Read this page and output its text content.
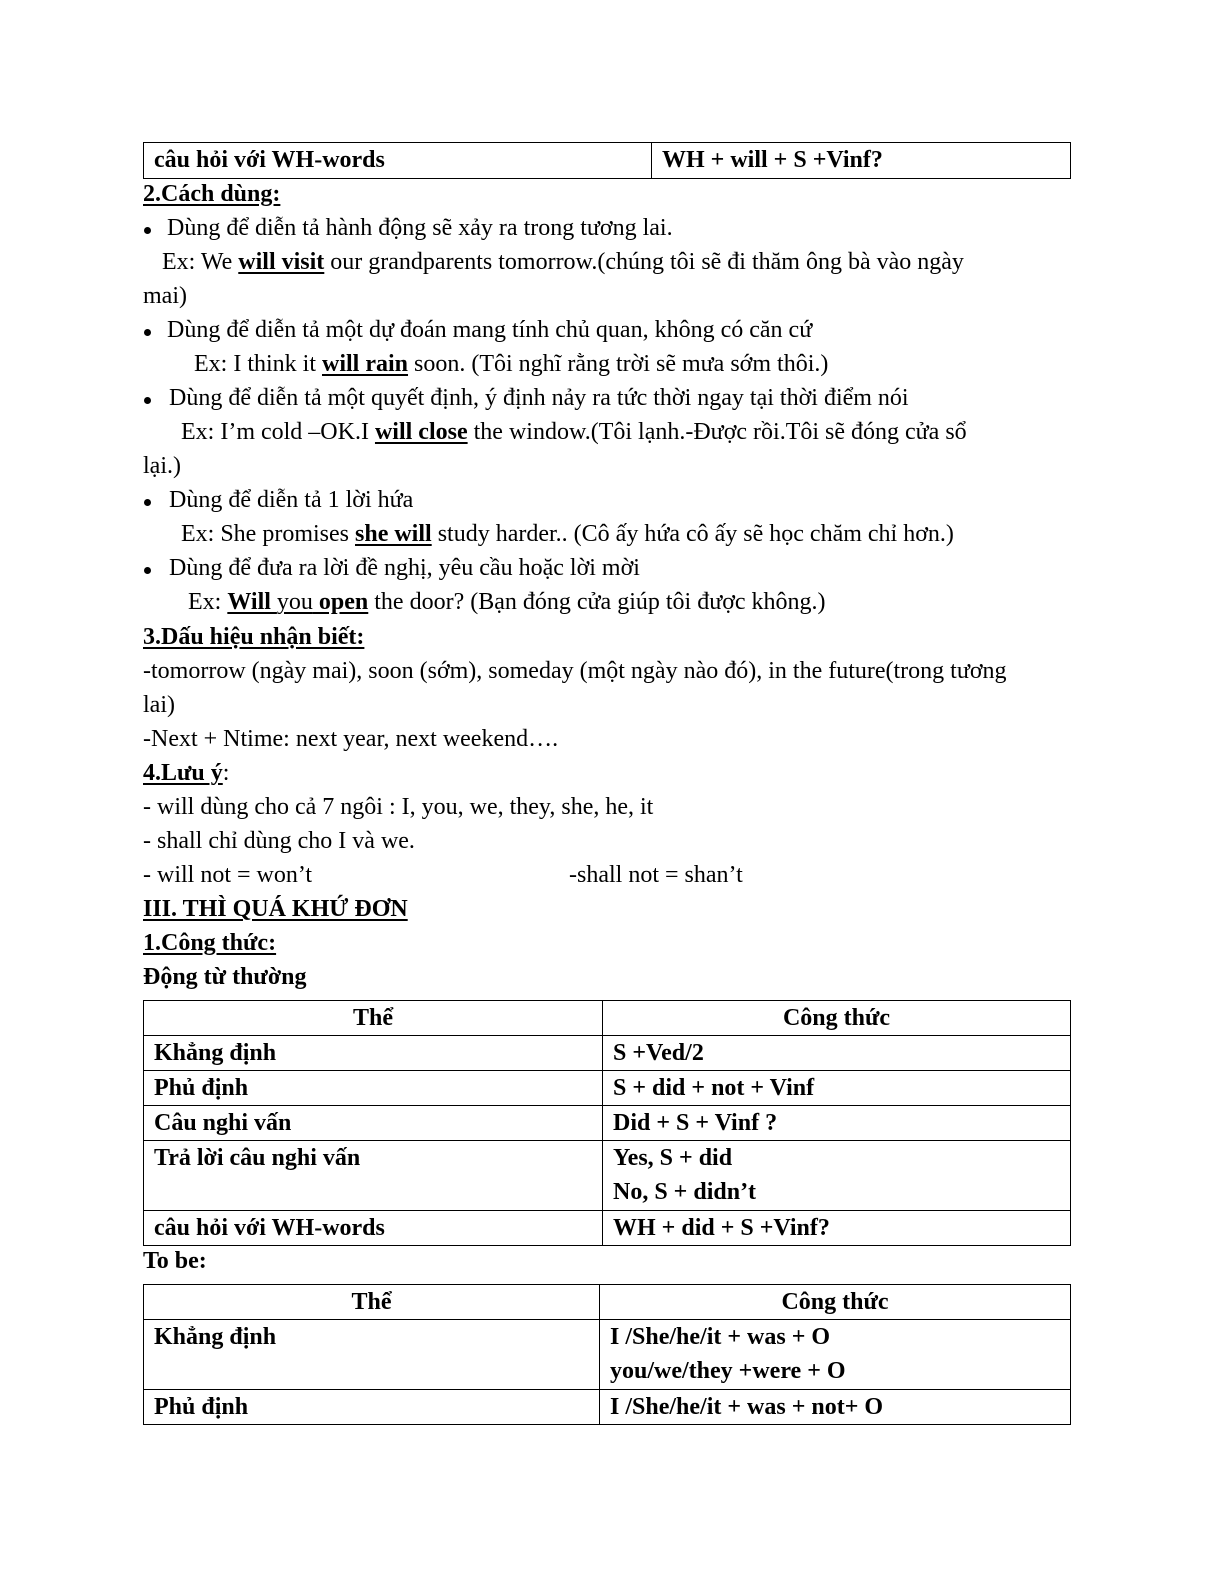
câu hỏi với WH-words	WH + will + S +Vinf?
2.Cách dùng:
Dùng để diễn tả hành động sẽ xảy ra trong tương lai.
Ex: We will visit our grandparents tomorrow.(chúng tôi sẽ đi thăm ông bà vào ngày
mai)
Dùng để diễn tả một dự đoán mang tính chủ quan, không có căn cứ
Ex: I think it will rain soon. (Tôi nghĩ rằng trời sẽ mưa sớm thôi.)
Dùng để diễn tả một quyết định, ý định nảy ra tức thời ngay tại thời điểm nói
Ex: I’m cold –OK.I will close the window.(Tôi lạnh.-Được rồi.Tôi sẽ đóng cửa sổ
lại.)
Dùng để diễn tả 1 lời hứa
Ex: She promises she will study harder.. (Cô ấy hứa cô ấy sẽ học chăm chỉ hơn.)
Dùng để đưa ra lời đề nghị, yêu cầu hoặc lời mời
Ex: Will you open the door? (Bạn đóng cửa giúp tôi được không.)
3.Dấu hiệu nhận biết:
-tomorrow (ngày mai), soon (sớm), someday (một ngày nào đó), in the future(trong tương
lai)
-Next + Ntime: next year, next weekend….
4.Lưu ý:
- will dùng cho cả 7 ngôi : I, you, we, they, she, he, it
- shall chỉ dùng cho I và we.
- will not = won’t	-shall not = shan’t
III. THÌ QUÁ KHỨ ĐƠN
1.Công thức:
Động từ thường
Thể	Công thức
Khẳng định	S +Ved/2
Phủ định	S + did + not + Vinf
Câu nghi vấn	Did + S + Vinf ?
Trả lời câu nghi vấn	Yes, S + did
No, S + didn’t

câu hỏi với WH-words	WH + did + S +Vinf?
To be:
Thể	Công thức
Khẳng định	I /She/he/it + was + O
you/we/they +were + O

Phủ định	I /She/he/it + was + not+ O
